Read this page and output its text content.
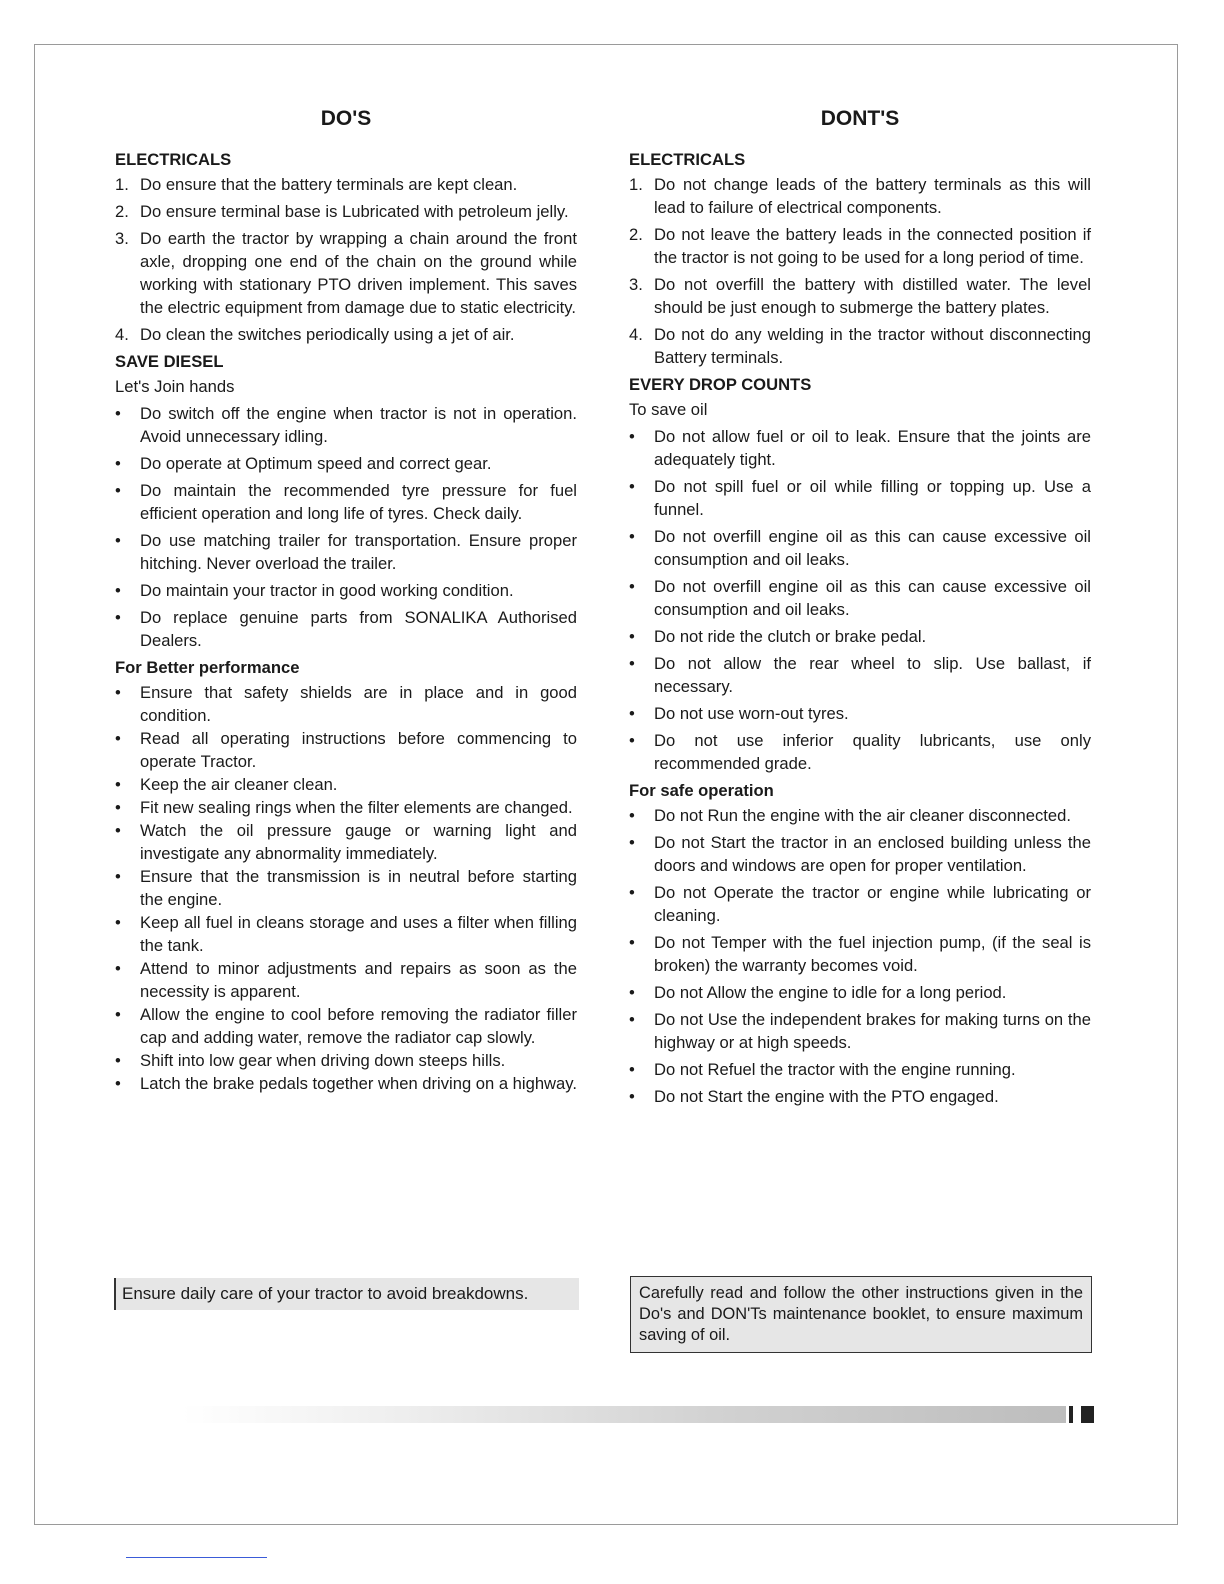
DO'S
ELECTRICALS
1. Do ensure that the battery terminals are kept clean.
2. Do ensure terminal base is Lubricated with petroleum jelly.
3. Do earth the tractor by wrapping a chain around the front axle, dropping one end of the chain on the ground while working with stationary PTO driven implement. This saves the electric equipment from damage due to static electricity.
4. Do clean the switches periodically using a jet of air.
SAVE DIESEL
Let's Join hands
• Do switch off the engine when tractor is not in operation. Avoid unnecessary idling.
• Do operate at Optimum speed and correct gear.
• Do maintain the recommended tyre pressure for fuel efficient operation and long life of tyres. Check daily.
• Do use matching trailer for transportation. Ensure proper hitching. Never overload the trailer.
• Do maintain your tractor in good working condition.
• Do replace genuine parts from SONALIKA Authorised Dealers.
For Better performance
• Ensure that safety shields are in place and in good condition.
• Read all operating instructions before commencing to operate Tractor.
• Keep the air cleaner clean.
• Fit new sealing rings when the filter elements are changed.
• Watch the oil pressure gauge or warning light and investigate any abnormality immediately.
• Ensure that the transmission is in neutral before starting the engine.
• Keep all fuel in cleans storage and uses a filter when filling the tank.
• Attend to minor adjustments and repairs as soon as the necessity is apparent.
• Allow the engine to cool before removing the radiator filler cap and adding water, remove the radiator cap slowly.
• Shift into low gear when driving down steeps hills.
• Latch the brake pedals together when driving on a highway.
DONT'S
ELECTRICALS
1. Do not change leads of the battery terminals as this will lead to failure of electrical components.
2. Do not leave the battery leads in the connected position if the tractor is not going to be used for a long period of time.
3. Do not overfill the battery with distilled water. The level should be just enough to submerge the battery plates.
4. Do not do any welding in the tractor without disconnecting Battery terminals.
EVERY DROP COUNTS
To save oil
• Do not allow fuel or oil to leak. Ensure that the joints are adequately tight.
• Do not spill fuel or oil while filling or topping up. Use a funnel.
• Do not overfill engine oil as this can cause excessive oil consumption and oil leaks.
• Do not overfill engine oil as this can cause excessive oil consumption and oil leaks.
• Do not ride the clutch or brake pedal.
• Do not allow the rear wheel to slip. Use ballast, if necessary.
• Do not use worn-out tyres.
• Do not use inferior quality lubricants, use only recommended grade.
For safe operation
• Do not Run the engine with the air cleaner disconnected.
• Do not Start the tractor in an enclosed building unless the doors and windows are open for proper ventilation.
• Do not Operate the tractor or engine while lubricating or cleaning.
• Do not Temper with the fuel injection pump, (if the seal is broken) the warranty becomes void.
• Do not Allow the engine to idle for a long period.
• Do not Use the independent brakes for making turns on the highway or at high speeds.
• Do not Refuel the tractor with the engine running.
• Do not Start the engine with the PTO engaged.
Ensure daily care of your tractor to avoid breakdowns.	Carefully read and follow the other instructions given in the Do's and DON'Ts maintenance booklet, to ensure maximum saving of oil.
